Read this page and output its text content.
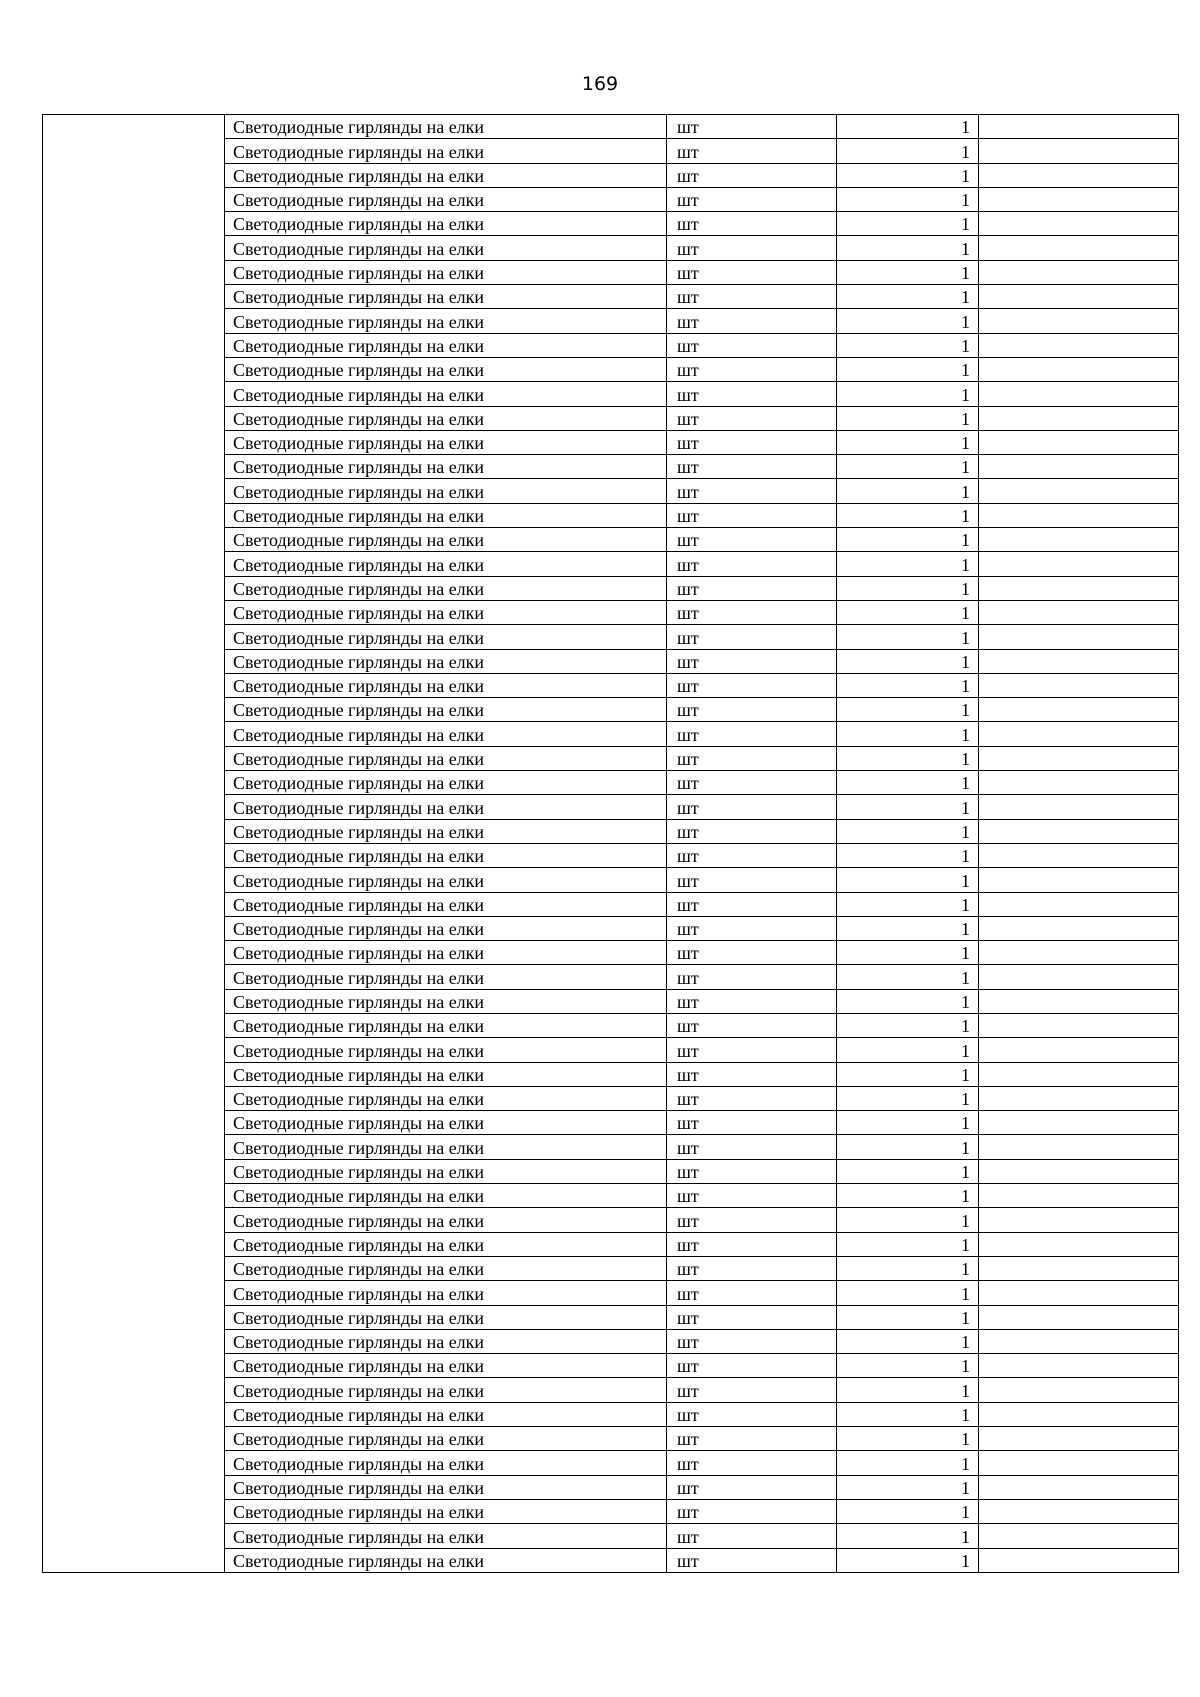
169
	Светодиодные гирлянды на елки	шт	1	
	Светодиодные гирлянды на елки	шт	1	
	Светодиодные гирлянды на елки	шт	1	
	Светодиодные гирлянды на елки	шт	1	
	Светодиодные гирлянды на елки	шт	1	
	Светодиодные гирлянды на елки	шт	1	
	Светодиодные гирлянды на елки	шт	1	
	Светодиодные гирлянды на елки	шт	1	
	Светодиодные гирлянды на елки	шт	1	
	Светодиодные гирлянды на елки	шт	1	
	Светодиодные гирлянды на елки	шт	1	
	Светодиодные гирлянды на елки	шт	1	
	Светодиодные гирлянды на елки	шт	1	
	Светодиодные гирлянды на елки	шт	1	
	Светодиодные гирлянды на елки	шт	1	
	Светодиодные гирлянды на елки	шт	1	
	Светодиодные гирлянды на елки	шт	1	
	Светодиодные гирлянды на елки	шт	1	
	Светодиодные гирлянды на елки	шт	1	
	Светодиодные гирлянды на елки	шт	1	
	Светодиодные гирлянды на елки	шт	1	
	Светодиодные гирлянды на елки	шт	1	
	Светодиодные гирлянды на елки	шт	1	
	Светодиодные гирлянды на елки	шт	1	
	Светодиодные гирлянды на елки	шт	1	
	Светодиодные гирлянды на елки	шт	1	
	Светодиодные гирлянды на елки	шт	1	
	Светодиодные гирлянды на елки	шт	1	
	Светодиодные гирлянды на елки	шт	1	
	Светодиодные гирлянды на елки	шт	1	
	Светодиодные гирлянды на елки	шт	1	
	Светодиодные гирлянды на елки	шт	1	
	Светодиодные гирлянды на елки	шт	1	
	Светодиодные гирлянды на елки	шт	1	
	Светодиодные гирлянды на елки	шт	1	
	Светодиодные гирлянды на елки	шт	1	
	Светодиодные гирлянды на елки	шт	1	
	Светодиодные гирлянды на елки	шт	1	
	Светодиодные гирлянды на елки	шт	1	
	Светодиодные гирлянды на елки	шт	1	
	Светодиодные гирлянды на елки	шт	1	
	Светодиодные гирлянды на елки	шт	1	
	Светодиодные гирлянды на елки	шт	1	
	Светодиодные гирлянды на елки	шт	1	
	Светодиодные гирлянды на елки	шт	1	
	Светодиодные гирлянды на елки	шт	1	
	Светодиодные гирлянды на елки	шт	1	
	Светодиодные гирлянды на елки	шт	1	
	Светодиодные гирлянды на елки	шт	1	
	Светодиодные гирлянды на елки	шт	1	
	Светодиодные гирлянды на елки	шт	1	
	Светодиодные гирлянды на елки	шт	1	
	Светодиодные гирлянды на елки	шт	1	
	Светодиодные гирлянды на елки	шт	1	
	Светодиодные гирлянды на елки	шт	1	
	Светодиодные гирлянды на елки	шт	1	
	Светодиодные гирлянды на елки	шт	1	
	Светодиодные гирлянды на елки	шт	1	
	Светодиодные гирлянды на елки	шт	1	
	Светодиодные гирлянды на елки	шт	1	
